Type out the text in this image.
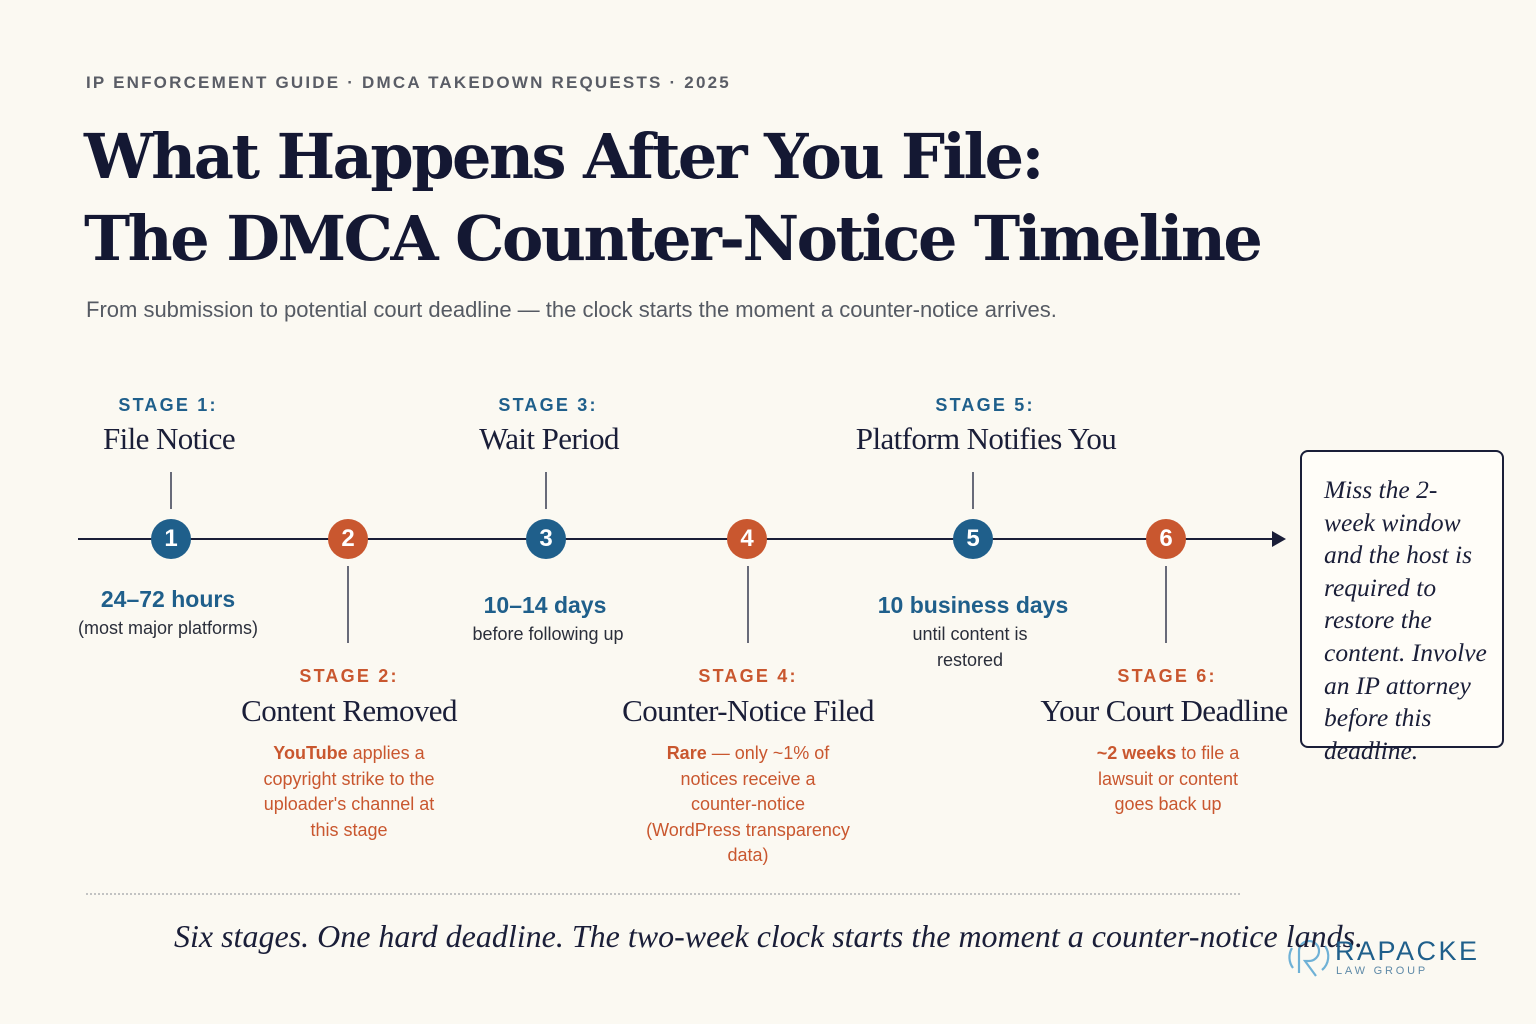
IP ENFORCEMENT GUIDE · DMCA TAKEDOWN REQUESTS · 2025
What Happens After You File:
The DMCA Counter-Notice Timeline
From submission to potential court deadline — the clock starts the moment a counter-notice arrives.
STAGE 1:
File Notice
1
24–72 hours
(most major platforms)
STAGE 2:
Content Removed
2
YouTube applies a
copyright strike to the
uploader's channel at
this stage
STAGE 3:
Wait Period
3
10–14 days
before following up
STAGE 4:
Counter-Notice Filed
4
Rare — only ~1% of
notices receive a
counter-notice
(WordPress transparency
data)
STAGE 5:
Platform Notifies You
5
10 business days
until content is
restored
STAGE 6:
Your Court Deadline
6
~2 weeks to file a
lawsuit or content
goes back up
Miss the 2-week window and the host is required to restore the content. Involve an IP attorney before this deadline.
Six stages. One hard deadline. The two-week clock starts the moment a counter-notice lands.
RAPACKE
LAW GROUP
